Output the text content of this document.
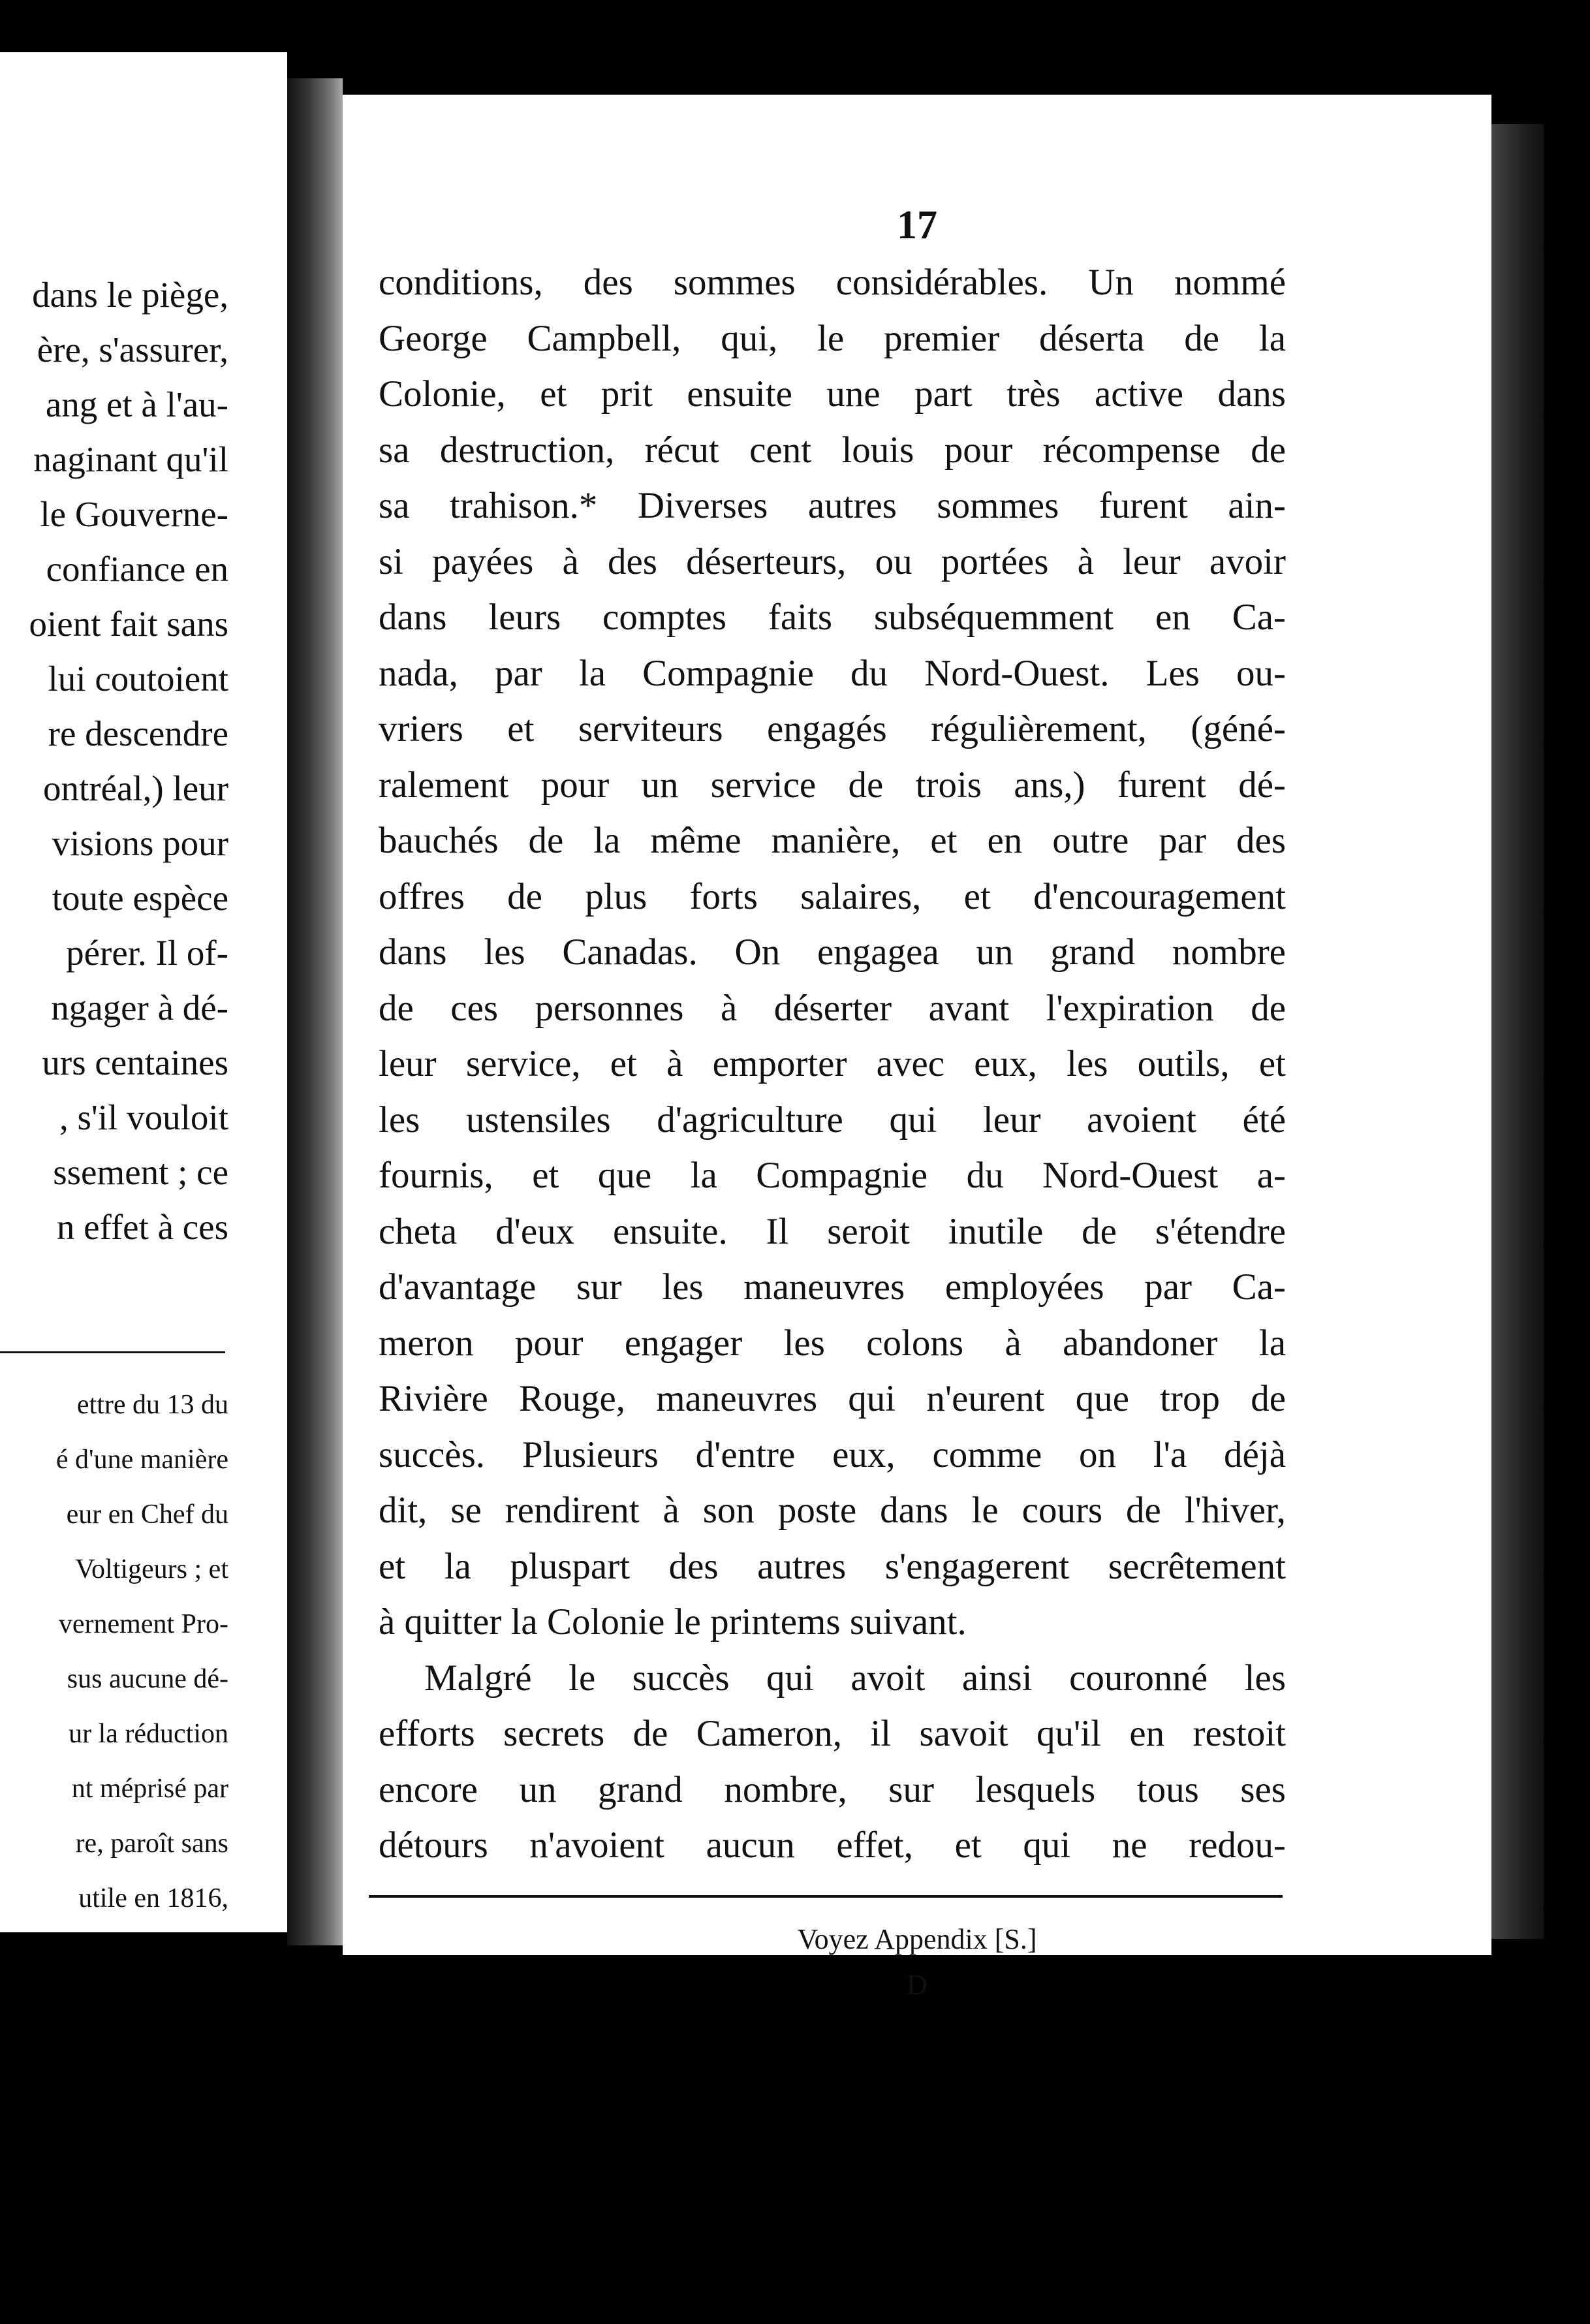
dans le piège,
ère, s'assurer,
ang et à l'au-
naginant qu'il
le Gouverne-
confiance en
oient fait sans
lui coutoient
re descendre
ontréal,) leur
visions pour
toute espèce
pérer. Il of-
ngager à dé-
urs centaines
, s'il vouloit
ssement ; ce
n effet à ces
ettre du 13 du
é d'une manière
eur en Chef du
Voltigeurs ; et
vernement Pro-
sus aucune dé-
ur la réduction
nt méprisé par
re, paroît sans
utile en 1816,
17
conditions, des sommes considérables. Un nommé
George Campbell, qui, le premier déserta de la
Colonie, et prit ensuite une part très active dans
sa destruction, récut cent louis pour récompense de
sa trahison.* Diverses autres sommes furent ain-
si payées à des déserteurs, ou portées à leur avoir
dans leurs comptes faits subséquemment en Ca-
nada, par la Compagnie du Nord-Ouest. Les ou-
vriers et serviteurs engagés régulièrement, (géné-
ralement pour un service de trois ans,) furent dé-
bauchés de la même manière, et en outre par des
offres de plus forts salaires, et d'encouragement
dans les Canadas. On engagea un grand nombre
de ces personnes à déserter avant l'expiration de
leur service, et à emporter avec eux, les outils, et
les ustensiles d'agriculture qui leur avoient été
fournis, et que la Compagnie du Nord-Ouest a-
cheta d'eux ensuite. Il seroit inutile de s'étendre
d'avantage sur les maneuvres employées par Ca-
meron pour engager les colons à abandoner la
Rivière Rouge, maneuvres qui n'eurent que trop de
succès. Plusieurs d'entre eux, comme on l'a déjà
dit, se rendirent à son poste dans le cours de l'hiver,
et la pluspart des autres s'engagerent secrêtement
à quitter la Colonie le printems suivant.
Malgré le succès qui avoit ainsi couronné les
efforts secrets de Cameron, il savoit qu'il en restoit
encore un grand nombre, sur lesquels tous ses
détours n'avoient aucun effet, et qui ne redou-
Voyez Appendix [S.]
D
